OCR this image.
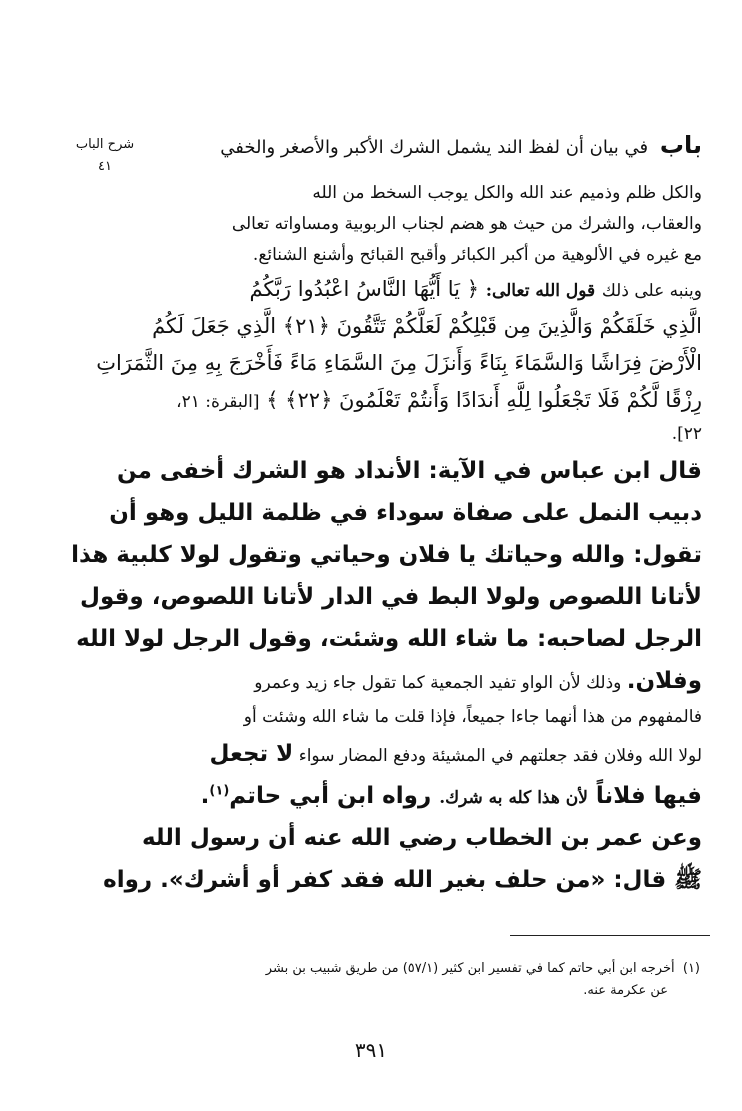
باب في بيان أن لفظ الند يشمل الشرك الأكبر والأصغر والخفي
شرح الباب
٤١
والكل ظلم وذميم عند الله والكل يوجب السخط من الله
والعقاب، والشرك من حيث هو هضم لجناب الربوبية ومساواته تعالى
مع غيره في الألوهية من أكبر الكبائر وأقبح القبائح وأشنع الشنائع.
وينبه على ذلك قول الله تعالى: ﴿ يَا أَيُّهَا النَّاسُ اعْبُدُوا رَبَّكُمُ
الَّذِي خَلَقَكُمْ وَالَّذِينَ مِن قَبْلِكُمْ لَعَلَّكُمْ تَتَّقُونَ ﴿٢١﴾ الَّذِي جَعَلَ لَكُمُ
الْأَرْضَ فِرَاشًا وَالسَّمَاءَ بِنَاءً وَأَنزَلَ مِنَ السَّمَاءِ مَاءً فَأَخْرَجَ بِهِ مِنَ الثَّمَرَاتِ
رِزْقًا لَّكُمْ فَلَا تَجْعَلُوا لِلَّهِ أَندَادًا وَأَنتُمْ تَعْلَمُونَ ﴿٢٢﴾ ﴾ [البقرة: ٢١،
٢٢].
قال ابن عباس في الآية: الأنداد هو الشرك أخفى من
دبيب النمل على صفاة سوداء في ظلمة الليل وهو أن
تقول: والله وحياتك يا فلان وحياتي وتقول لولا كلبية هذا
لأتانا اللصوص ولولا البط في الدار لأتانا اللصوص، وقول
الرجل لصاحبه: ما شاء الله وشئت، وقول الرجل لولا الله
وفلان. وذلك لأن الواو تفيد الجمعية كما تقول جاء زيد وعمرو
فالمفهوم من هذا أنهما جاءا جميعاً، فإذا قلت ما شاء الله وشئت أو
لولا الله وفلان فقد جعلتهم في المشيئة ودفع المضار سواء لا تجعل
فيها فلاناً لأن هذا كله به شرك. رواه ابن أبي حاتم$^{(١)}$.
وعن عمر بن الخطاب رضي الله عنه أن رسول الله
ﷺ قال: «من حلف بغير الله فقد كفر أو أشرك». رواه
(١)  أخرجه ابن أبي حاتم كما في تفسير ابن كثير (٥٧/١) من طريق شبيب بن بشر
عن عكرمة عنه.
٣٩١
